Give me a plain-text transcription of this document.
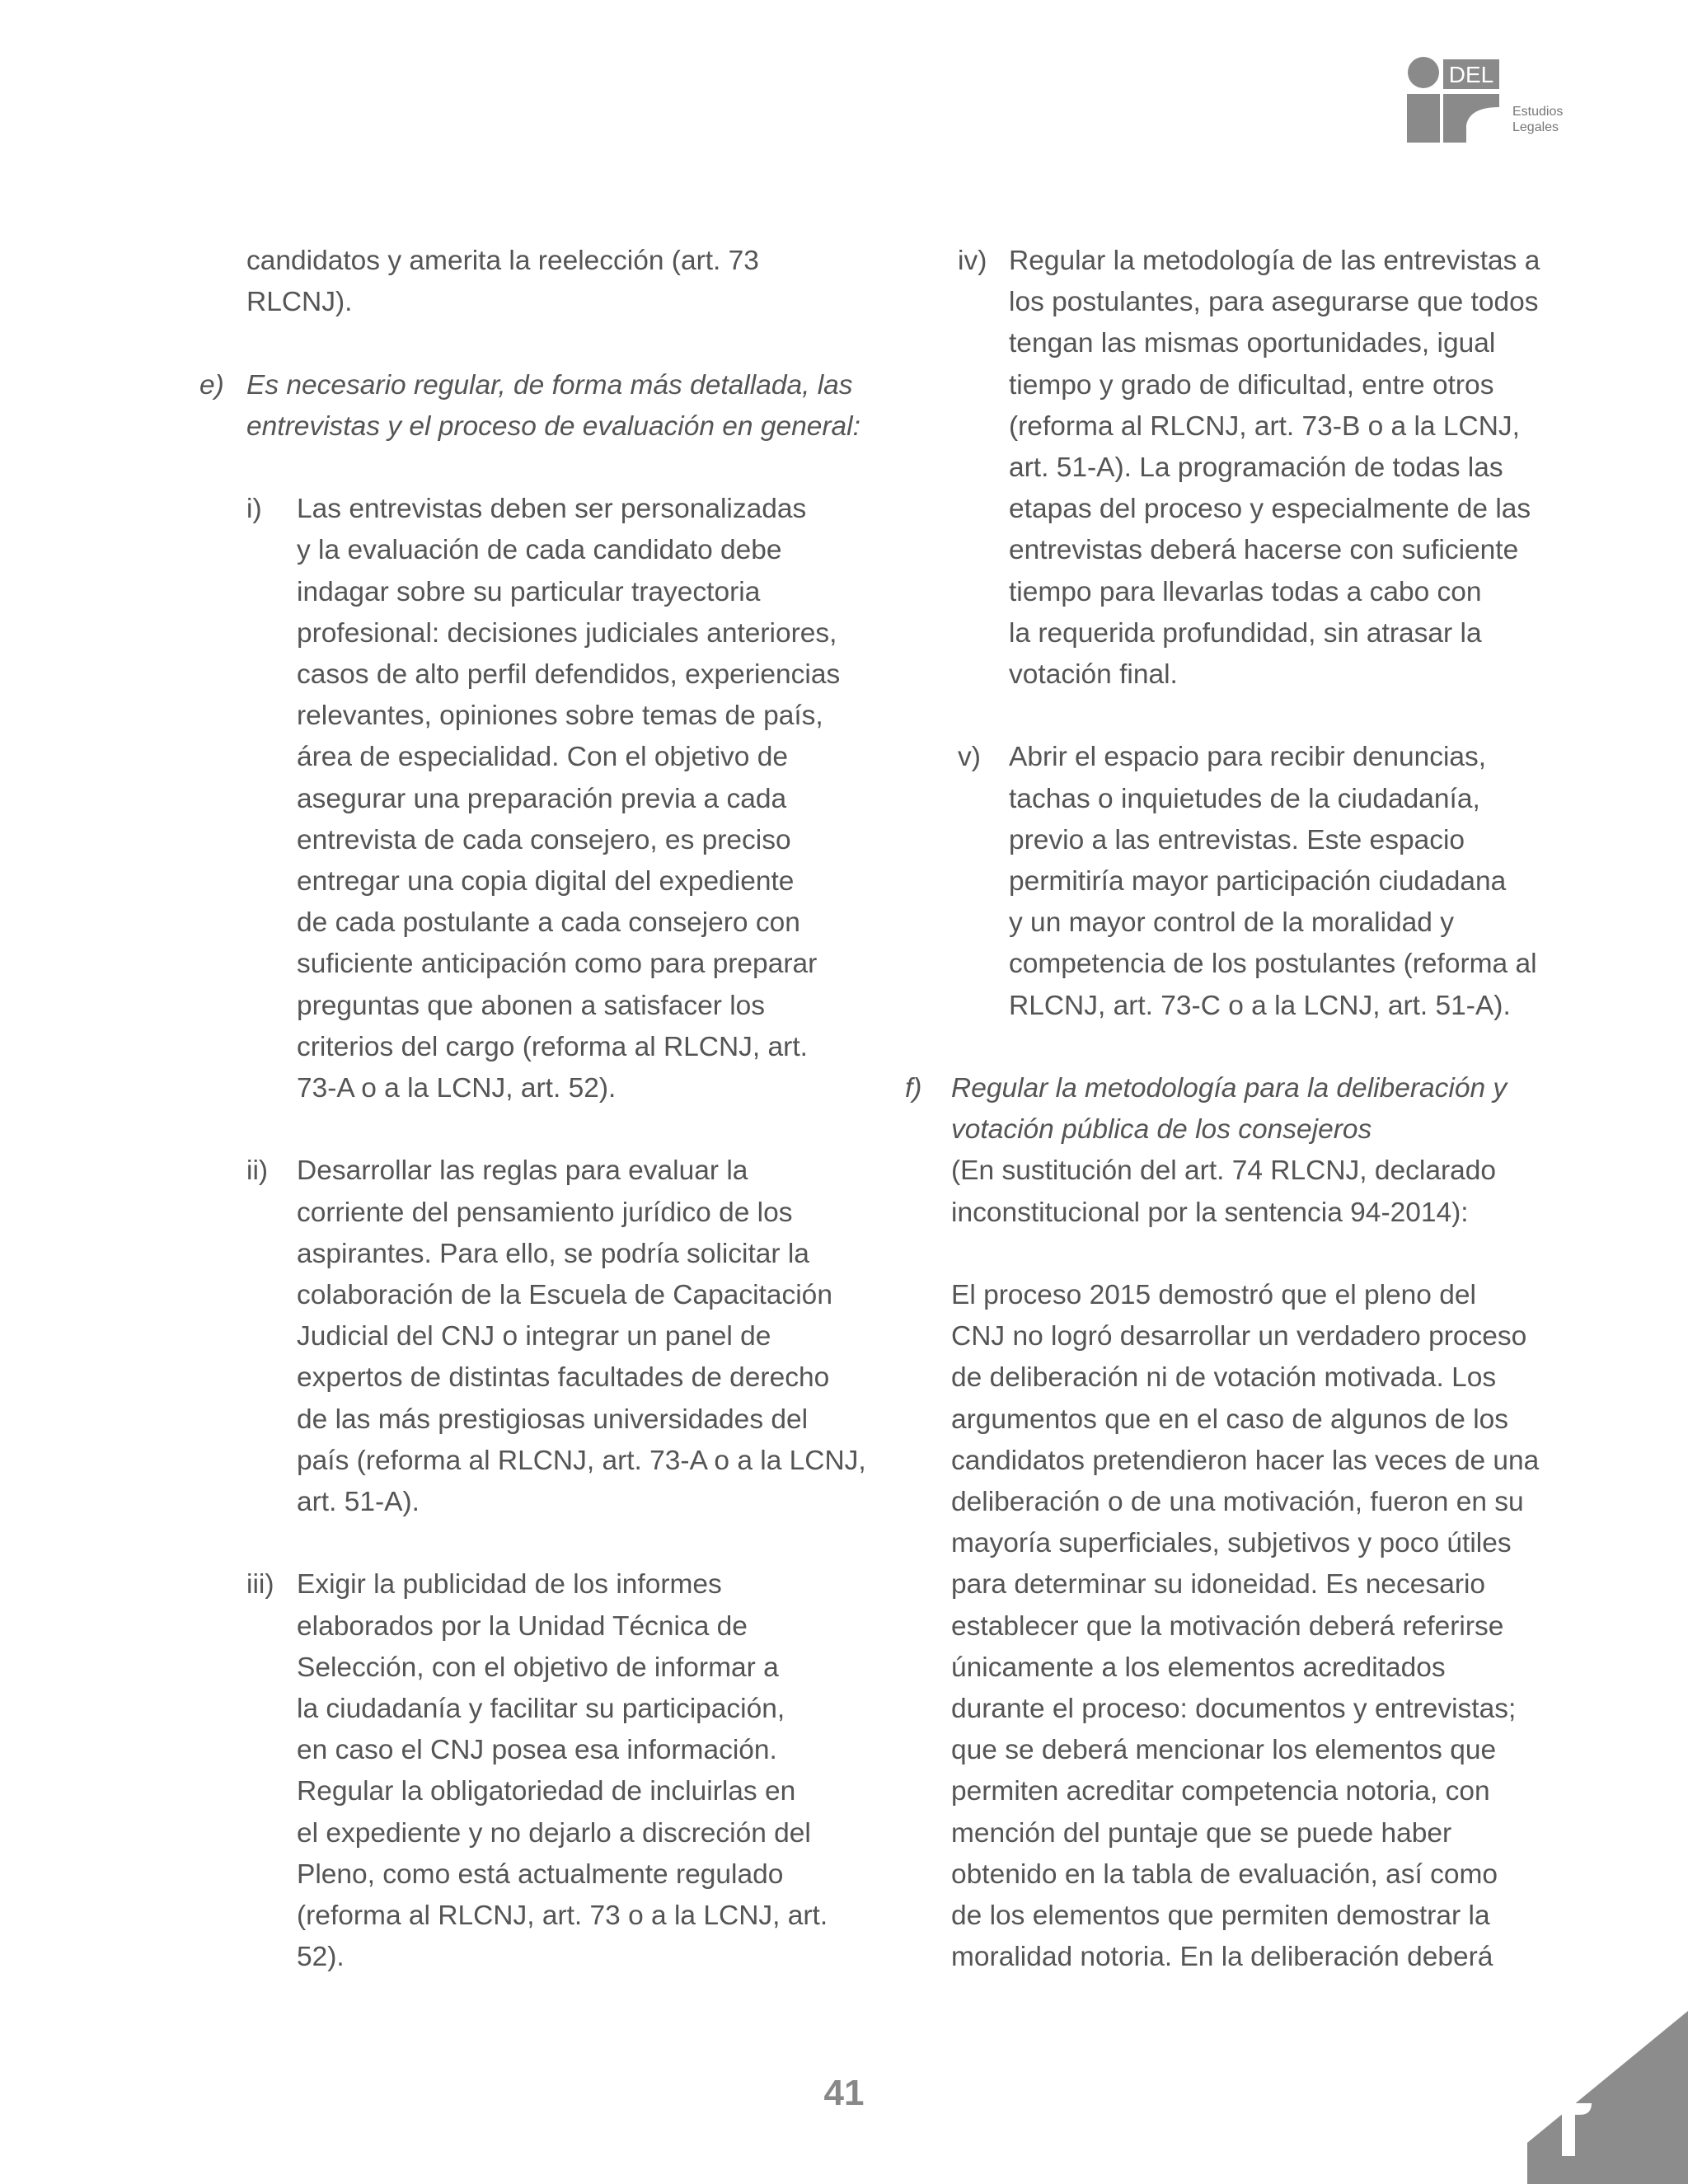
DEL
Estudios
Legales
candidatos y amerita la reelección (art. 73
RLCNJ).
e) Es necesario regular, de forma más detallada, las
entrevistas y el proceso de evaluación en general:
i)	Las entrevistas deben ser personalizadas
y la evaluación de cada candidato debe
indagar sobre su particular trayectoria
profesional: decisiones judiciales anteriores,
casos de alto perfil defendidos, experiencias
relevantes, opiniones sobre temas de país,
área de especialidad. Con el objetivo de
asegurar una preparación previa a cada
entrevista de cada consejero, es preciso
entregar una copia digital del expediente
de cada postulante a cada consejero con
suficiente anticipación como para preparar
preguntas que abonen a satisfacer los
criterios del cargo (reforma al RLCNJ, art.
73-A o a la LCNJ, art. 52).
ii)	Desarrollar las reglas para evaluar la
corriente del pensamiento jurídico de los
aspirantes. Para ello, se podría solicitar la
colaboración de la Escuela de Capacitación
Judicial del CNJ o integrar un panel de
expertos de distintas facultades de derecho
de las más prestigiosas universidades del
país (reforma al RLCNJ, art. 73-A o a la LCNJ,
art. 51-A).
iii) Exigir la publicidad de los informes
elaborados por la Unidad Técnica de
Selección, con el objetivo de informar a
la ciudadanía y facilitar su participación,
en caso el CNJ posea esa información.
Regular la obligatoriedad de incluirlas en
el expediente y no dejarlo a discreción del
Pleno, como está actualmente regulado
(reforma al RLCNJ, art. 73 o a la LCNJ, art.
52).
iv) Regular la metodología de las entrevistas a
los postulantes, para asegurarse que todos
tengan las mismas oportunidades, igual
tiempo y grado de dificultad, entre otros
(reforma al RLCNJ, art. 73-B o a la LCNJ,
art. 51-A). La programación de todas las
etapas del proceso y especialmente de las
entrevistas deberá hacerse con suficiente
tiempo para llevarlas todas a cabo con
la requerida profundidad, sin atrasar la
votación final.
v)	Abrir el espacio para recibir denuncias,
tachas o inquietudes de la ciudadanía,
previo a las entrevistas. Este espacio
permitiría mayor participación ciudadana
y un mayor control de la moralidad y
competencia de los postulantes (reforma al
RLCNJ, art. 73-C o a la LCNJ, art. 51-A).
f)	Regular la metodología para la deliberación y
votación pública de los consejeros
(En sustitución del art. 74 RLCNJ, declarado
inconstitucional por la sentencia 94-2014):
El proceso 2015 demostró que el pleno del
CNJ no logró desarrollar un verdadero proceso
de deliberación ni de votación motivada. Los
argumentos que en el caso de algunos de los
candidatos pretendieron hacer las veces de una
deliberación o de una motivación, fueron en su
mayoría superficiales, subjetivos y poco útiles
para determinar su idoneidad. Es necesario
establecer que la motivación deberá referirse
únicamente a los elementos acreditados
durante el proceso: documentos y entrevistas;
que se deberá mencionar los elementos que
permiten acreditar competencia notoria, con
mención del puntaje que se puede haber
obtenido en la tabla de evaluación, así como
de los elementos que permiten demostrar la
moralidad notoria. En la deliberación deberá
41
